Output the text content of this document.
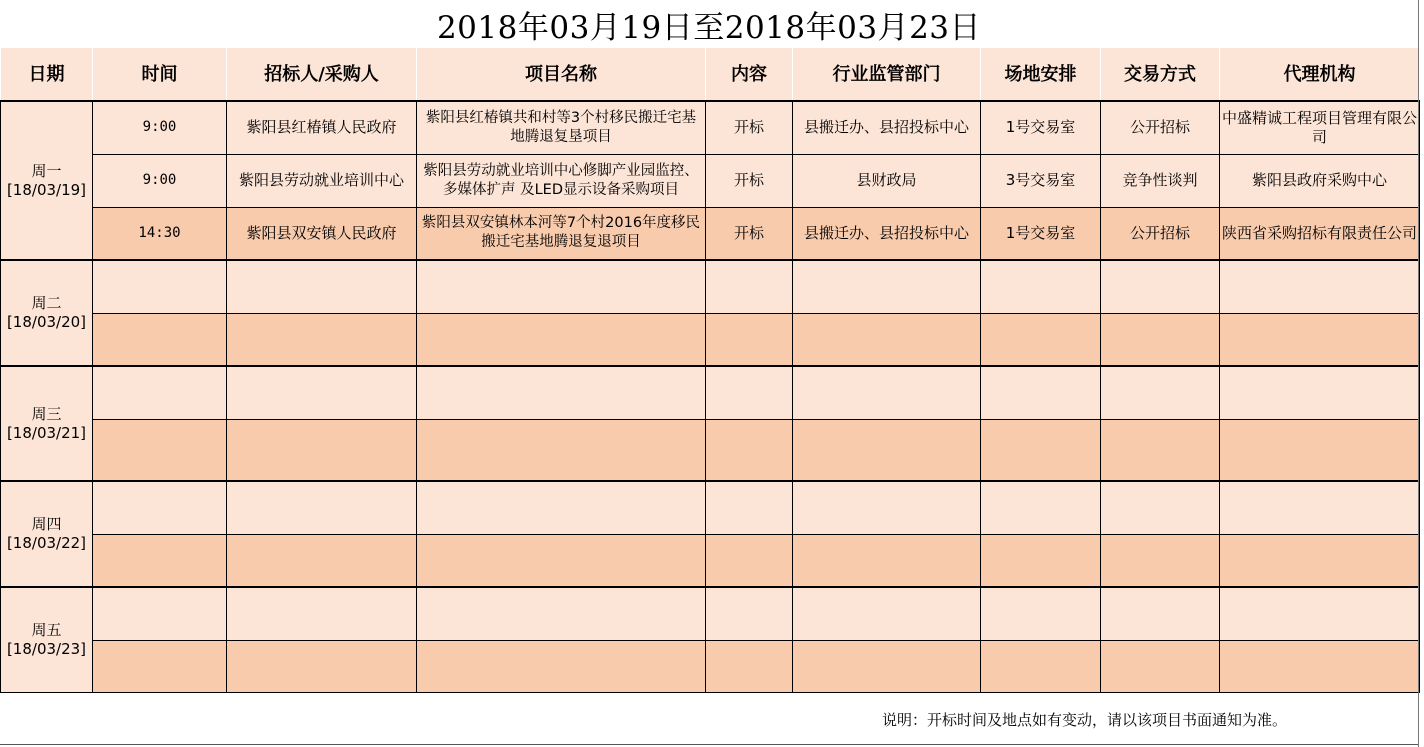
2018年03月19日至2018年03月23日
日期	时间	招标人/采购人	项目名称	内容	行业监管部门	场地安排	交易方式	代理机构

周一
[18/03/19]	9:00	紫阳县红椿镇人民政府	紫阳县红椿镇共和村等3个村移民搬迁宅基地腾退复垦项目	开标	县搬迁办、县招投标中心	1号交易室	公开招标	中盛精诚工程项目管理有限公司
	9:00	紫阳县劳动就业培训中心	紫阳县劳动就业培训中心修脚产业园监控、多媒体扩声 及LED显示设备采购项目	开标	县财政局	3号交易室	竞争性谈判	紫阳县政府采购中心
	14:30	紫阳县双安镇人民政府	紫阳县双安镇林本河等7个村2016年度移民搬迁宅基地腾退复退项目	开标	县搬迁办、县招投标中心	1号交易室	公开招标	陕西省采购招标有限责任公司

周二
[18/03/20]								

周三
[18/03/21]								

周四
[18/03/22]								

周五
[18/03/23]								

说明：开标时间及地点如有变动，请以该项目书面通知为准。
